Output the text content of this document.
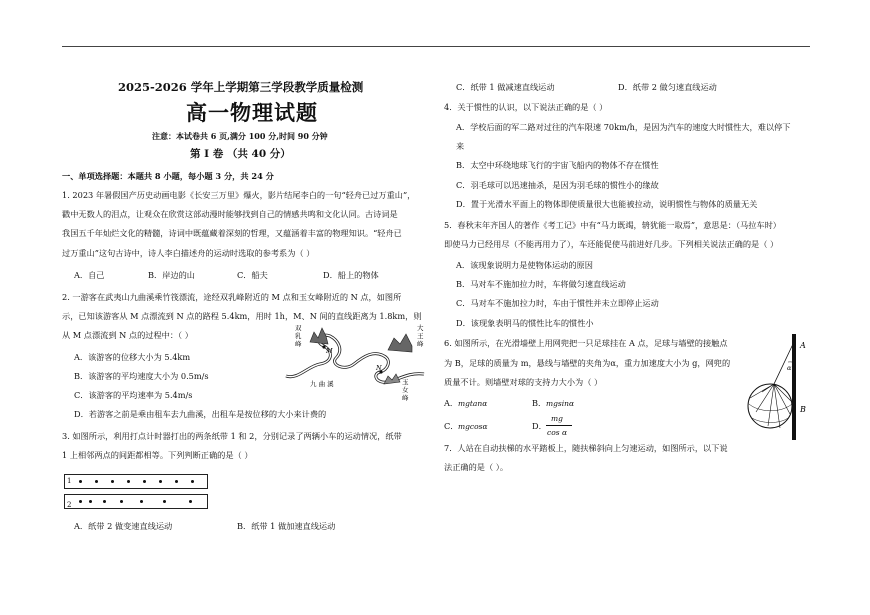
2025-2026 学年上学期第三学段教学质量检测
高一物理试题
注意：本试卷共 6 页,满分 100 分,时间 90 分钟
第 I 卷 （共 40 分）
一、单项选择题：本题共 8 小题，每小题 3 分，共 24 分
1. 2023 年暑假国产历史动画电影《长安三万里》爆火，影片结尾李白的一句“轻舟已过万重山”，
戳中无数人的泪点，让观众在欣赏这部动漫时能够找到自己的情感共鸣和文化认同。古诗词是
我国五千年灿烂文化的精髓，诗词中既蕴藏着深刻的哲理，又蕴涵着丰富的物理知识。“轻舟已
过万重山”这句古诗中，诗人李白描述舟的运动时选取的参考系为（ ）
A．自己	B．岸边的山	C．船夫	D．船上的物体
2. 一游客在武夷山九曲溪乘竹筏漂流，途经双乳峰附近的 M 点和玉女峰附近的 N 点，如图所
示，已知该游客从 M 点漂流到 N 点的路程 5.4km，用时 1h，M、N 间的直线距离为 1.8km，则
从 M 点漂流到 N 点的过程中：（ ）
A．该游客的位移大小为 5.4km
B．该游客的平均速度大小为 0.5m/s
C．该游客的平均速率为 5.4m/s
D．若游客之前是乘由租车去九曲溪，出租车是按位移的大小来计费的
双
乳
峰
M
N
九 曲 溪
大
王
峰
玉
女
峰
3. 如图所示，利用打点计时器打出的两条纸带 1 和 2，分别记录了两辆小车的运动情况，纸带
1 上相邻两点的间距都相等。下列判断正确的是（ ）
1
2
A．纸带 2 做变速直线运动	B．纸带 1 做加速直线运动
C．纸带 1 做减速直线运动	D．纸带 2 做匀速直线运动
4．关于惯性的认识，以下说法正确的是（ ）
A．学校后面的军二路对过往的汽车限速 70km/h，是因为汽车的速度大时惯性大，难以停下
来
B．太空中环绕地球飞行的宇宙飞船内的物体不存在惯性
C．羽毛球可以迅速抽杀，是因为羽毛球的惯性小的缘故
D．置于光滑水平面上的物体即使质量很大也能被拉动，说明惯性与物体的质量无关
5．春秋末年齐国人的著作《考工记》中有“马力既竭，辀犹能一取焉”，意思是：（马拉车时）
即使马力已经用尽（不能再用力了），车还能促使马前进好几步。下列相关说法正确的是（ ）
A．该现象说明力是使物体运动的原因
B．马对车不施加拉力时，车将做匀速直线运动
C．马对车不施加拉力时，车由于惯性并未立即停止运动
D．该现象表明马的惯性比车的惯性小
6. 如图所示，在光滑墙壁上用网兜把一只足球挂在 A 点，足球与墙壁的接触点
为 B，足球的质量为 m，悬线与墙壁的夹角为α，重力加速度大小为 g，网兜的
质量不计。则墙壁对球的支持力大小为（ ）
A． mgtanα	B． mgsinα
C． mgcosα	D．
mg
cos α
A
B
α
7．人站在自动扶梯的水平踏板上，随扶梯斜向上匀速运动，如图所示，以下说
法正确的是（ ）。
